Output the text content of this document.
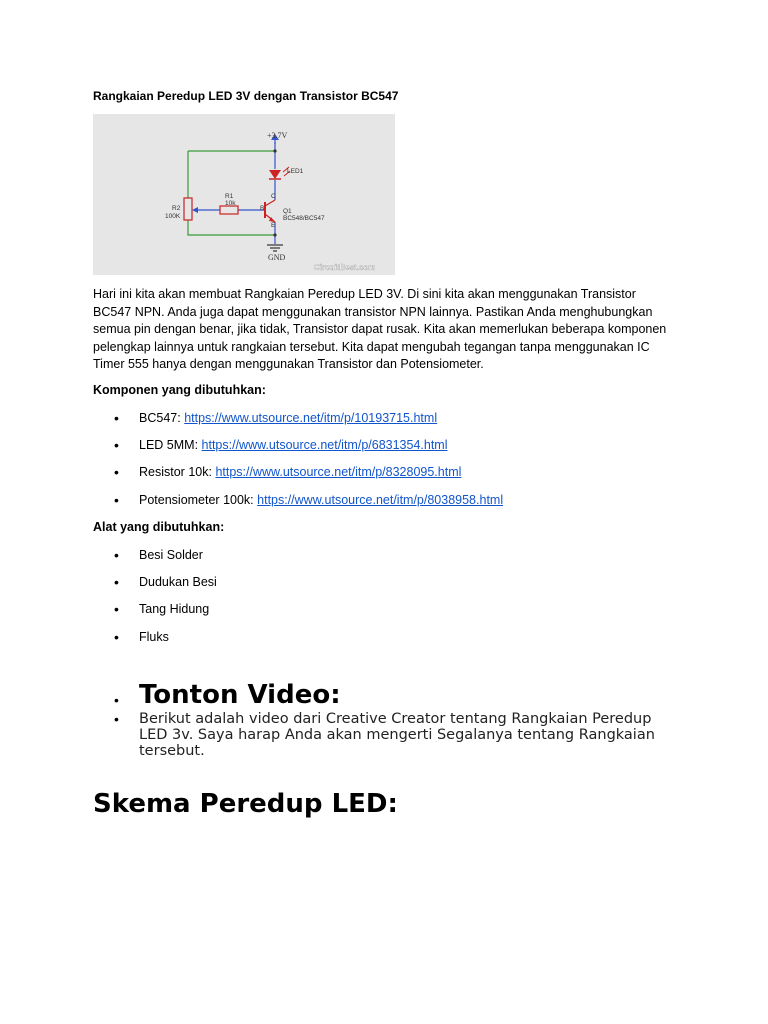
Rangkaian Peredup LED 3V dengan Transistor BC547
+3.7V
LED1
R1
10k
R2
100K
B
C
E
Q1
BC548/BC547
GND
CircuitBest.com
Hari ini kita akan membuat Rangkaian Peredup LED 3V. Di sini kita akan menggunakan Transistor BC547 NPN. Anda juga dapat menggunakan transistor NPN lainnya. Pastikan Anda menghubungkan semua pin dengan benar, jika tidak, Transistor dapat rusak. Kita akan memerlukan beberapa komponen pelengkap lainnya untuk rangkaian tersebut. Kita dapat mengubah tegangan tanpa menggunakan IC Timer 555 hanya dengan menggunakan Transistor dan Potensiometer.
Komponen yang dibutuhkan:
• BC547: https://www.utsource.net/itm/p/10193715.html
• LED 5MM: https://www.utsource.net/itm/p/6831354.html
• Resistor 10k: https://www.utsource.net/itm/p/8328095.html
• Potensiometer 100k: https://www.utsource.net/itm/p/8038958.html
Alat yang dibutuhkan:
• Besi Solder
• Dudukan Besi
• Tang Hidung
• Fluks
• Tonton Video:
• Berikut adalah video dari Creative Creator tentang Rangkaian Peredup LED 3v. Saya harap Anda akan mengerti Segalanya tentang Rangkaian tersebut.
Skema Peredup LED:
